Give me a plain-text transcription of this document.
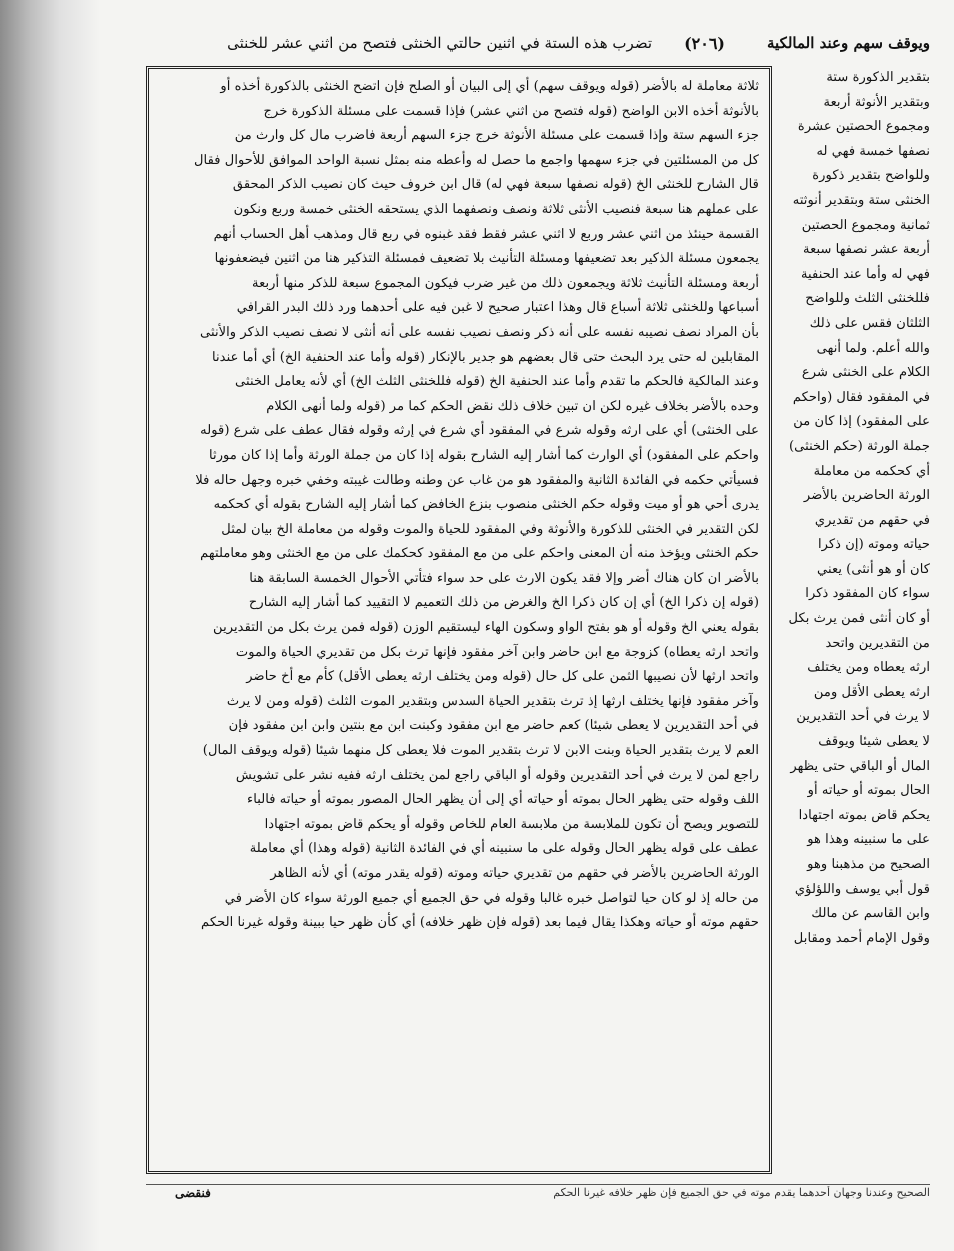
ويوقف سهم وعند المالكية
(٢٠٦)
تضرب هذه الستة في اثنين حالتي الخنثى فتصح من اثني عشر للخنثى
ثلاثة معاملة له بالأضر (قوله ويوقف سهم) أي إلى البيان أو الصلح فإن اتضح الخنثى بالذكورة أخذه أو
بالأنوثة أخذه الابن الواضح (قوله فتصح من اثني عشر) فإذا قسمت على مسئلة الذكورة خرج
جزء السهم ستة وإذا قسمت على مسئلة الأنوثة خرج جزء السهم أربعة فاضرب مال كل وارث من
كل من المسئلتين في جزء سهمها واجمع ما حصل له وأعطه منه بمثل نسبة الواحد الموافق للأحوال فقال
قال الشارح للخنثى الخ (قوله نصفها سبعة فهي له) قال ابن خروف حيث كان نصيب الذكر المحقق
على عملهم هنا سبعة فنصيب الأنثى ثلاثة ونصف ونصفهما الذي يستحقه الخنثى خمسة وربع ونكون
القسمة حينئذ من اثني عشر وربع لا اثني عشر فقط فقد غبنوه في ربع قال ومذهب أهل الحساب أنهم
يجمعون مسئلة الذكير بعد تضعيفها ومسئلة التأنيث بلا تضعيف فمسئلة التذكير هنا من اثنين فيضعفونها
أربعة ومسئلة التأنيث ثلاثة ويجمعون ذلك من غير ضرب فيكون المجموع سبعة للذكر منها أربعة
أسباعها وللخنثى ثلاثة أسباع قال وهذا اعتبار صحيح لا غبن فيه على أحدهما ورد ذلك البدر القرافي
بأن المراد نصف نصيبه نفسه على أنه ذكر ونصف نصيب نفسه على أنه أنثى لا نصف نصيب الذكر والأنثى
المقابلين له حتى يرد البحث حتى قال بعضهم هو جدير بالإنكار (قوله وأما عند الحنفية الخ) أي أما عندنا
وعند المالكية فالحكم ما تقدم وأما عند الحنفية الخ (قوله فللخنثى الثلث الخ) أي لأنه يعامل الخنثى
وحده بالأضر بخلاف غيره لكن ان تبين خلاف ذلك نقض الحكم كما مر (قوله ولما أنهى الكلام
على الخنثى) أي على ارثه وقوله شرع في المفقود أي شرع في إرثه وقوله فقال عطف على شرع (قوله
واحكم على المفقود) أي الوارث كما أشار إليه الشارح بقوله إذا كان من جملة الورثة وأما إذا كان مورثا
فسيأتي حكمه في الفائدة الثانية والمفقود هو من غاب عن وطنه وطالت غيبته وخفي خبره وجهل حاله فلا
يدرى أحي هو أو ميت وقوله حكم الخنثى منصوب بنزع الخافض كما أشار إليه الشارح بقوله أي كحكمه
لكن التقدير في الخنثى للذكورة والأنوثة وفي المفقود للحياة والموت وقوله من معاملة الخ بيان لمثل
حكم الخنثى ويؤخذ منه أن المعنى واحكم على من مع المفقود كحكمك على من مع الخنثى وهو معاملتهم
بالأضر ان كان هناك أضر وإلا فقد يكون الارث على حد سواء فتأتي الأحوال الخمسة السابقة هنا
(قوله إن ذكرا الخ) أي إن كان ذكرا الخ والغرض من ذلك التعميم لا التقييد كما أشار إليه الشارح
بقوله يعني الخ وقوله أو هو بفتح الواو وسكون الهاء ليستقيم الوزن (قوله فمن يرث بكل من التقديرين
واتحد ارثه يعطاه) كزوجة مع ابن حاضر وابن آخر مفقود فإنها ترث بكل من تقديري الحياة والموت
واتحد ارثها لأن نصيبها الثمن على كل حال (قوله ومن يختلف ارثه يعطى الأقل) كأم مع أخ حاضر
وآخر مفقود فإنها يختلف ارثها إذ ترث بتقدير الحياة السدس وبتقدير الموت الثلث (قوله ومن لا يرث
في أحد التقديرين لا يعطى شيئا) كعم حاضر مع ابن مفقود وكبنت ابن مع بنتين وابن ابن مفقود فإن
العم لا يرث بتقدير الحياة وبنت الابن لا ترث بتقدير الموت فلا يعطى كل منهما شيئا (قوله ويوقف المال)
راجع لمن لا يرث في أحد التقديرين وقوله أو الباقي راجع لمن يختلف ارثه ففيه نشر على تشويش
اللف وقوله حتى يظهر الحال بموته أو حياته أي إلى أن يظهر الحال المصور بموته أو حياته فالباء
للتصوير ويصح أن تكون للملابسة من ملابسة العام للخاص وقوله أو يحكم قاض بموته اجتهادا
عطف على قوله يظهر الحال وقوله على ما سنبينه أي في الفائدة الثانية (قوله وهذا) أي معاملة
الورثة الحاضرين بالأضر في حقهم من تقديري حياته وموته (قوله يقدر موته) أي لأنه الظاهر
من حاله إذ لو كان حيا لتواصل خبره غالبا وقوله في حق الجميع أي جميع الورثة سواء كان الأضر في
حقهم موته أو حياته وهكذا يقال فيما بعد (قوله فإن ظهر خلافه) أي كأن ظهر حيا ببينة وقوله غيرنا الحكم
بتقدير الذكورة ستة
وبتقدير الأنوثة أربعة
ومجموع الحصتين عشرة
نصفها خمسة فهي له
وللواضح بتقدير ذكورة
الخنثى ستة وبتقدير أنوثته
ثمانية ومجموع الحصتين
أربعة عشر نصفها سبعة
فهي له وأما عند الحنفية
فللخنثى الثلث وللواضح
الثلثان فقس على ذلك
والله أعلم. ولما أنهى
الكلام على الخنثى شرع
في المفقود فقال (واحكم
على المفقود) إذا كان من
جملة الورثة (حكم الخنثى)
أي كحكمه من معاملة
الورثة الحاضرين بالأضر
في حقهم من تقديري
حياته وموته (إن ذكرا
كان أو هو أنثى) يعني
سواء كان المفقود ذكرا
أو كان أنثى فمن يرث بكل
من التقديرين واتحد
ارثه يعطاه ومن يختلف
ارثه يعطى الأقل ومن
لا يرث في أحد التقديرين
لا يعطى شيئا ويوقف
المال أو الباقي حتى يظهر
الحال بموته أو حياته أو
يحكم قاض بموته اجتهادا
على ما سنبينه وهذا هو
الصحيح من مذهبنا وهو
قول أبي يوسف واللؤلؤي
وابن القاسم عن مالك
وقول الإمام أحمد ومقابل
الصحيح وعندنا وجهان أحدهما يقدم موته في حق الجميع فإن ظهر خلافه غيرنا الحكم
فنقضى
